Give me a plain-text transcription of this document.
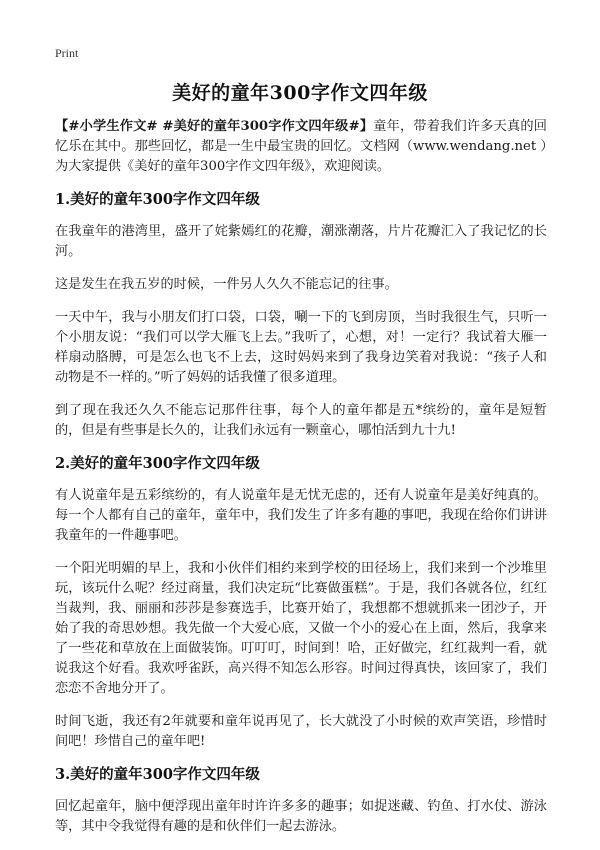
Print
美好的童年300字作文四年级

【#小学生作文# #美好的童年300字作文四年级#】童年，带着我们许多天真的回忆乐在其中。那些回忆，都是一生中最宝贵的回忆。文档网（www.wendang.net ）为大家提供《美好的童年300字作文四年级》，欢迎阅读。

1.美好的童年300字作文四年级

在我童年的港湾里，盛开了姹紫嫣红的花瓣，潮涨潮落，片片花瓣汇入了我记忆的长河。

这是发生在我五岁的时候，一件另人久久不能忘记的往事。

一天中午，我与小朋友们打口袋，口袋，唰一下的飞到房顶，当时我很生气，只听一个小朋友说：“我们可以学大雁飞上去。”我听了，心想，对！一定行？我试着大雁一样扇动胳膊，可是怎么也飞不上去，这时妈妈来到了我身边笑着对我说：“孩子人和动物是不一样的。”听了妈妈的话我懂了很多道理。

到了现在我还久久不能忘记那件往事，每个人的童年都是五*缤纷的，童年是短暂的，但是有些事是长久的，让我们永远有一颗童心，哪怕活到九十九!

2.美好的童年300字作文四年级

有人说童年是五彩缤纷的，有人说童年是无忧无虑的，还有人说童年是美好纯真的。每一个人都有自己的童年，童年中，我们发生了许多有趣的事吧，我现在给你们讲讲我童年的一件趣事吧。

一个阳光明媚的早上，我和小伙伴们相约来到学校的田径场上，我们来到一个沙堆里玩，该玩什么呢？经过商量，我们决定玩“比赛做蛋糕”。于是，我们各就各位，红红当裁判，我、丽丽和莎莎是参赛选手，比赛开始了，我想都不想就抓来一团沙子，开始了我的奇思妙想。我先做一个大爱心底，又做一个小的爱心在上面，然后，我拿来了一些花和草放在上面做装饰。叮叮叮，时间到！哈，正好做完，红红裁判一看，就说我这个好看。我欢呼雀跃，高兴得不知怎么形容。时间过得真快，该回家了，我们恋恋不舍地分开了。

时间飞逝，我还有2年就要和童年说再见了，长大就没了小时候的欢声笑语，珍惜时间吧！珍惜自己的童年吧!

3.美好的童年300字作文四年级

回忆起童年，脑中便浮现出童年时许许多多的趣事；如捉迷藏、钓鱼、打水仗、游泳等，其中令我觉得有趣的是和伙伴们一起去游泳。
